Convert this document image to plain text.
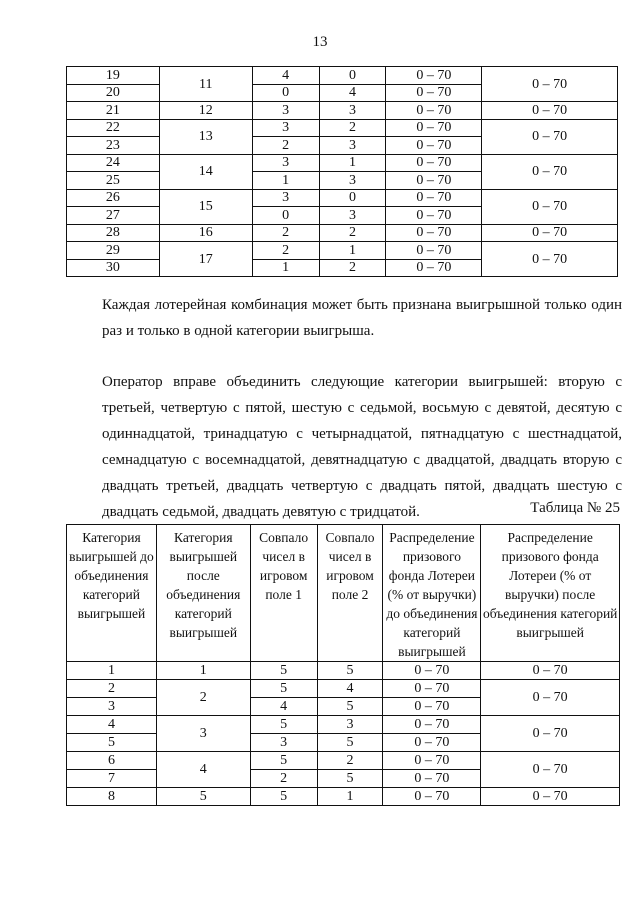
13
19	11	4	0	0 – 70	0 – 70
20		0	4	0 – 70	
21	12	3	3	0 – 70	0 – 70
22	13	3	2	0 – 70	0 – 70
23		2	3	0 – 70	
24	14	3	1	0 – 70	0 – 70
25		1	3	0 – 70	
26	15	3	0	0 – 70	0 – 70
27		0	3	0 – 70	
28	16	2	2	0 – 70	0 – 70
29	17	2	1	0 – 70	0 – 70
30		1	2	0 – 70	
Каждая лотерейная комбинация может быть признана выигрышной только один раз и только в одной категории выигрыша.
Оператор вправе объединить следующие категории выигрышей: вторую с третьей, четвертую с пятой, шестую с седьмой, восьмую с девятой, десятую с одиннадцатой, тринадцатую с четырнадцатой, пятнадцатую с шестнадцатой, семнадцатую с восемнадцатой, девятнадцатую с двадцатой, двадцать вторую с двадцать третьей, двадцать четвертую с двадцать пятой, двадцать шестую с двадцать седьмой, двадцать девятую с тридцатой.	Таблица № 25
Категория выигрышей до объединения категорий выигрышей	Категория выигрышей после объединения категорий выигрышей	Совпало чисел в игровом поле 1	Совпало чисел в игровом поле 2	Распределение призового фонда Лотереи (% от выручки) до объединения категорий выигрышей	Распределение призового фонда Лотереи (% от выручки) после объединения категорий выигрышей
1	1	5	5	0 – 70	0 – 70
2	2	5	4	0 – 70	0 – 70
3		4	5	0 – 70	
4	3	5	3	0 – 70	0 – 70
5		3	5	0 – 70	
6	4	5	2	0 – 70	0 – 70
7		2	5	0 – 70	
8	5	5	1	0 – 70	0 – 70
